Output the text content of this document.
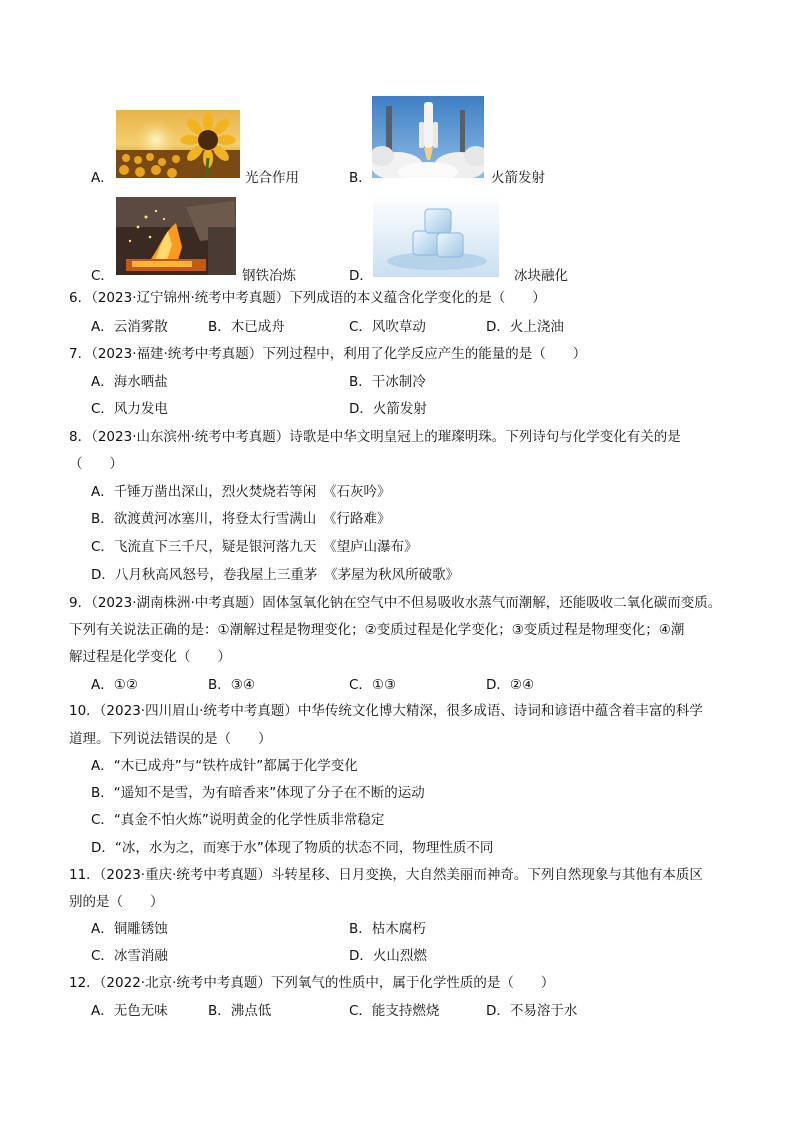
A．	光合作用	B．	火箭发射
C．	钢铁冶炼	D．	冰块融化
6．（2023·辽宁锦州·统考中考真题）下列成语的本义蕴含化学变化的是（　　）
A．云消雾散	B．木已成舟	C．风吹草动	D．火上浇油
7．（2023·福建·统考中考真题）下列过程中，利用了化学反应产生的能量的是（　　）
A．海水晒盐	B．干冰制冷
C．风力发电	D．火箭发射
8．（2023·山东滨州·统考中考真题）诗歌是中华文明皇冠上的璀璨明珠。下列诗句与化学变化有关的是
（　　）
A．千锤万凿出深山，烈火焚烧若等闲　《石灰吟》
B．欲渡黄河冰塞川，将登太行雪满山　《行路难》
C．飞流直下三千尺，疑是银河落九天　《望庐山瀑布》
D．八月秋高风怒号，卷我屋上三重茅　《茅屋为秋风所破歌》
9．（2023·湖南株洲·中考真题）固体氢氧化钠在空气中不但易吸收水蒸气而潮解，还能吸收二氧化碳而变质。
下列有关说法正确的是：①潮解过程是物理变化；②变质过程是化学变化；③变质过程是物理变化；④潮
解过程是化学变化（　　）
A．①②	B．③④	C．①③	D．②④
10．（2023·四川眉山·统考中考真题）中华传统文化博大精深，很多成语、诗词和谚语中蕴含着丰富的科学
道理。下列说法错误的是（　　）
A．“木已成舟”与“铁杵成针”都属于化学变化
B．“遥知不是雪，为有暗香来”体现了分子在不断的运动
C．“真金不怕火炼”说明黄金的化学性质非常稳定
D．“冰，水为之，而寒于水”体现了物质的状态不同，物理性质不同
11．（2023·重庆·统考中考真题）斗转星移、日月变换，大自然美丽而神奇。下列自然现象与其他有本质区
别的是（　　）
A．铜雕锈蚀	B．枯木腐朽
C．冰雪消融	D．火山烈燃
12．（2022·北京·统考中考真题）下列氧气的性质中，属于化学性质的是（　　）
A．无色无味	B．沸点低	C．能支持燃烧	D．不易溶于水
